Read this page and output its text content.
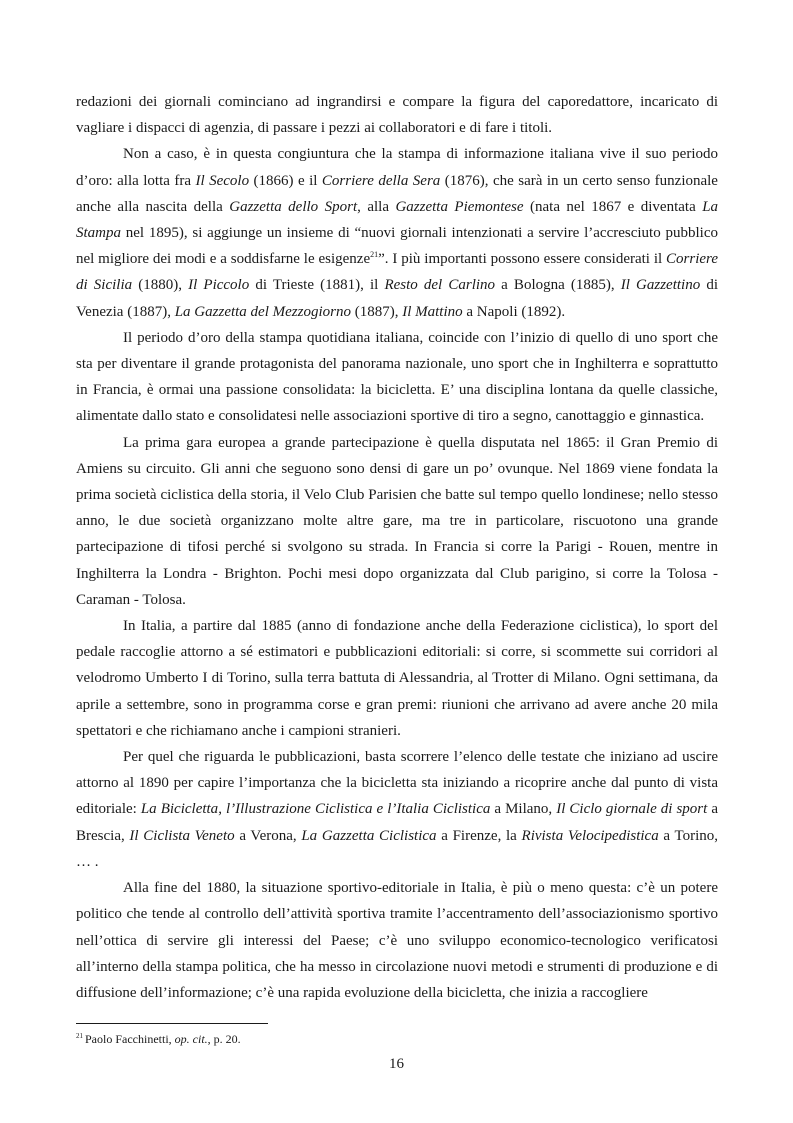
redazioni dei giornali cominciano ad ingrandirsi e compare la figura del caporedattore, incaricato di vagliare i dispacci di agenzia, di passare i pezzi ai collaboratori e di fare i titoli.

Non a caso, è in questa congiuntura che la stampa di informazione italiana vive il suo periodo d’oro: alla lotta fra Il Secolo (1866) e il Corriere della Sera (1876), che sarà in un certo senso funzionale anche alla nascita della Gazzetta dello Sport, alla Gazzetta Piemontese (nata nel 1867 e diventata La Stampa nel 1895), si aggiunge un insieme di “nuovi giornali intenzionati a servire l’accresciuto pubblico nel migliore dei modi e a soddisfarne le esigenze$^{21}$”. I più importanti possono essere considerati il Corriere di Sicilia (1880), Il Piccolo di Trieste (1881), il Resto del Carlino a Bologna (1885), Il Gazzettino di Venezia (1887), La Gazzetta del Mezzogiorno (1887), Il Mattino a Napoli (1892).

Il periodo d’oro della stampa quotidiana italiana, coincide con l’inizio di quello di uno sport che sta per diventare il grande protagonista del panorama nazionale, uno sport che in Inghilterra e soprattutto in Francia, è ormai una passione consolidata: la bicicletta. E’ una disciplina lontana da quelle classiche, alimentate dallo stato e consolidatesi nelle associazioni sportive di tiro a segno, canottaggio e ginnastica.

La prima gara europea a grande partecipazione è quella disputata nel 1865: il Gran Premio di Amiens su circuito. Gli anni che seguono sono densi di gare un po’ ovunque. Nel 1869 viene fondata la prima società ciclistica della storia, il Velo Club Parisien che batte sul tempo quello londinese; nello stesso anno, le due società organizzano molte altre gare, ma tre in particolare, riscuotono una grande partecipazione di tifosi perché si svolgono su strada. In Francia si corre la Parigi - Rouen, mentre in Inghilterra la Londra - Brighton. Pochi mesi dopo organizzata dal Club parigino, si corre la Tolosa - Caraman - Tolosa.

In Italia, a partire dal 1885 (anno di fondazione anche della Federazione ciclistica), lo sport del pedale raccoglie attorno a sé estimatori e pubblicazioni editoriali: si corre, si scommette sui corridori al velodromo Umberto I di Torino, sulla terra battuta di Alessandria, al Trotter di Milano. Ogni settimana, da aprile a settembre, sono in programma corse e gran premi: riunioni che arrivano ad avere anche 20 mila spettatori e che richiamano anche i campioni stranieri.

Per quel che riguarda le pubblicazioni, basta scorrere l’elenco delle testate che iniziano ad uscire attorno al 1890 per capire l’importanza che la bicicletta sta iniziando a ricoprire anche dal punto di vista editoriale: La Bicicletta, l’Illustrazione Ciclistica e l’Italia Ciclistica a Milano, Il Ciclo giornale di sport a Brescia, Il Ciclista Veneto a Verona, La Gazzetta Ciclistica a Firenze, la Rivista Velocipedistica a Torino, … .

Alla fine del 1880, la situazione sportivo-editoriale in Italia, è più o meno questa: c’è un potere politico che tende al controllo dell’attività sportiva tramite l’accentramento dell’associazionismo sportivo nell’ottica di servire gli interessi del Paese; c’è uno sviluppo economico-tecnologico verificatosi all’interno della stampa politica, che ha messo in circolazione nuovi metodi e strumenti di produzione e di diffusione dell’informazione; c’è una rapida evoluzione della bicicletta, che inizia a raccogliere

$^{21}$ Paolo Facchinetti, op. cit., p. 20.
16
